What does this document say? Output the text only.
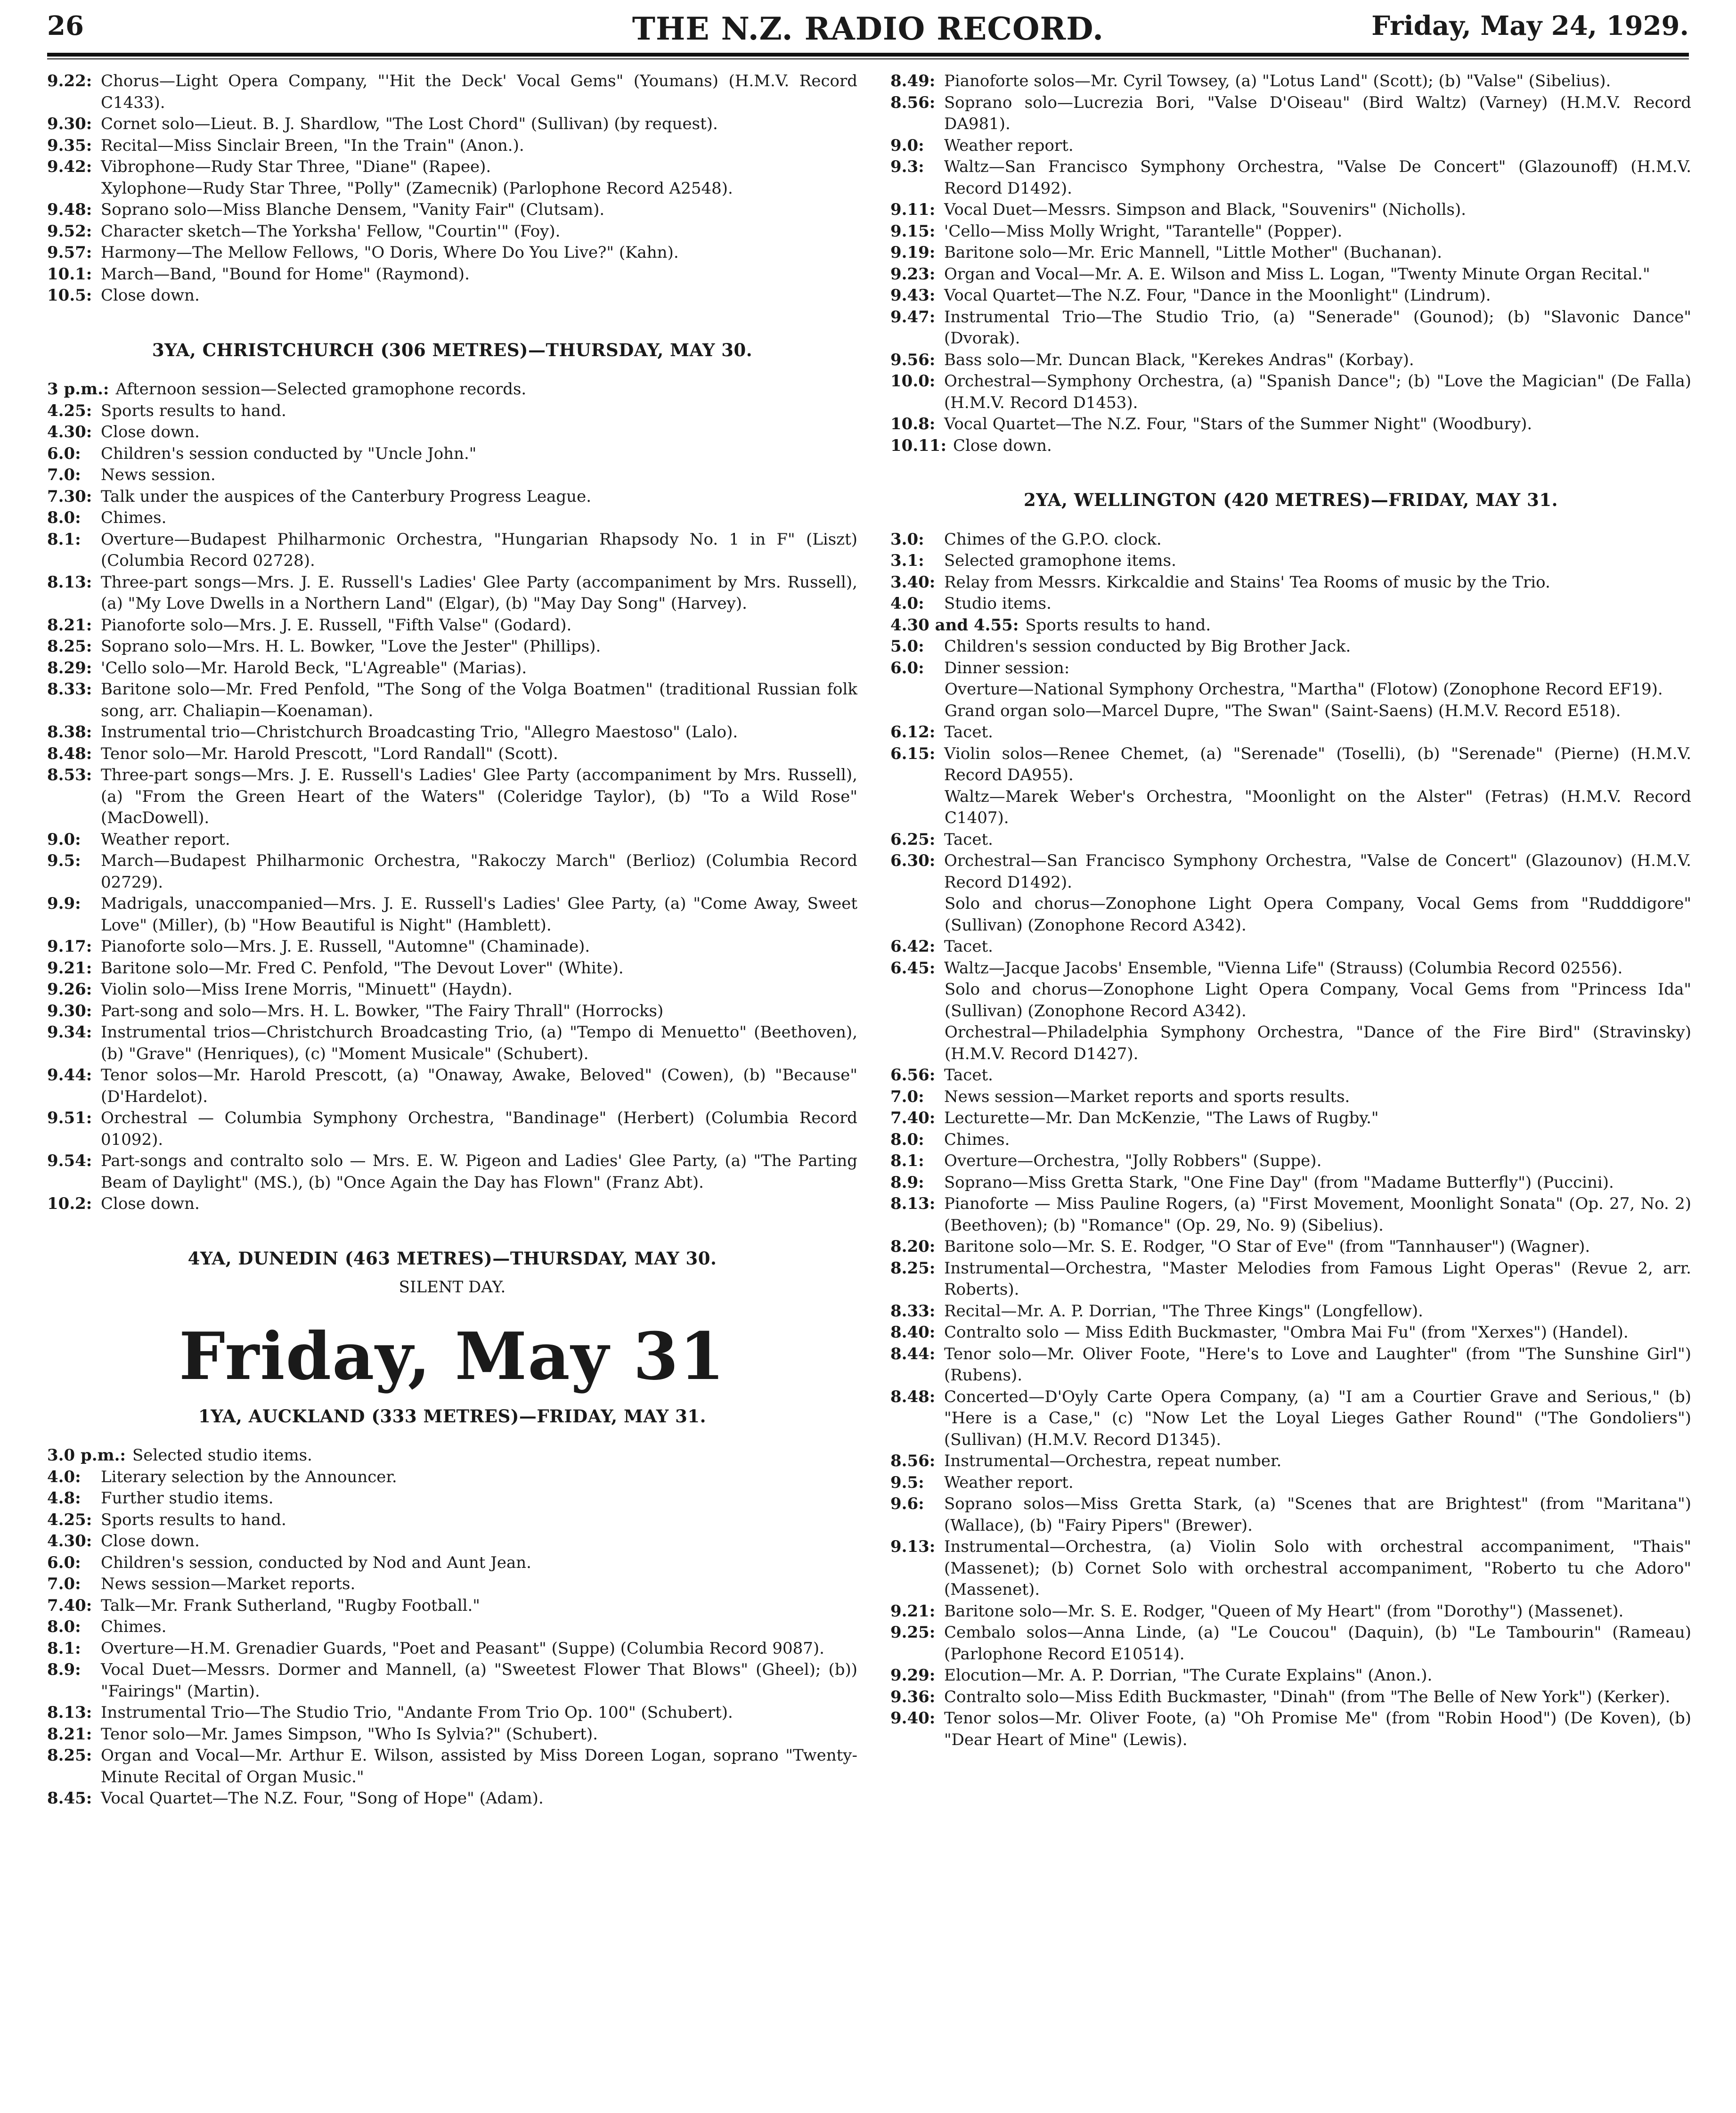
26	THE N.Z. RADIO RECORD.	Friday, May 24, 1929.
9.22: Chorus—Light Opera Company, "'Hit the Deck' Vocal Gems" (Youmans) (H.M.V. Record C1433).
9.30: Cornet solo—Lieut. B. J. Shardlow, "The Lost Chord" (Sullivan) (by request).
9.35: Recital—Miss Sinclair Breen, "In the Train" (Anon.).
9.42: Vibrophone—Rudy Star Three, "Diane" (Rapee).
Xylophone—Rudy Star Three, "Polly" (Zamecnik) (Parlophone Record A2548).
9.48: Soprano solo—Miss Blanche Densem, "Vanity Fair" (Clutsam).
9.52: Character sketch—The Yorksha' Fellow, "Courtin'" (Foy).
9.57: Harmony—The Mellow Fellows, "O Doris, Where Do You Live?" (Kahn).
10.1: March—Band, "Bound for Home" (Raymond).
10.5: Close down.
3YA, CHRISTCHURCH (306 METRES)—THURSDAY, MAY 30.
3 p.m.: Afternoon session—Selected gramophone records.
4.25: Sports results to hand.
4.30: Close down.
6.0:	Children's session conducted by "Uncle John."
7.0:	News session.
7.30: Talk under the auspices of the Canterbury Progress League.
8.0:	Chimes.
8.1:	Overture—Budapest Philharmonic Orchestra, "Hungarian Rhapsody No. 1 in F" (Liszt) (Columbia Record 02728).
8.13: Three-part songs—Mrs. J. E. Russell's Ladies' Glee Party (accompaniment by Mrs. Russell), (a) "My Love Dwells in a Northern Land" (Elgar), (b) "May Day Song" (Harvey).
8.21: Pianoforte solo—Mrs. J. E. Russell, "Fifth Valse" (Godard).
8.25: Soprano solo—Mrs. H. L. Bowker, "Love the Jester" (Phillips).
8.29: 'Cello solo—Mr. Harold Beck, "L'Agreable" (Marias).
8.33: Baritone solo—Mr. Fred Penfold, "The Song of the Volga Boatmen" (traditional Russian folk song, arr. Chaliapin—Koenaman).
8.38: Instrumental trio—Christchurch Broadcasting Trio, "Allegro Maestoso" (Lalo).
8.48: Tenor solo—Mr. Harold Prescott, "Lord Randall" (Scott).
8.53: Three-part songs—Mrs. J. E. Russell's Ladies' Glee Party (accompaniment by Mrs. Russell), (a) "From the Green Heart of the Waters" (Coleridge Taylor), (b) "To a Wild Rose" (MacDowell).
9.0:	Weather report.
9.5:	March—Budapest Philharmonic Orchestra, "Rakoczy March" (Berlioz) (Columbia Record 02729).
9.9:	Madrigals, unaccompanied—Mrs. J. E. Russell's Ladies' Glee Party, (a) "Come Away, Sweet Love" (Miller), (b) "How Beautiful is Night" (Hamblett).
9.17: Pianoforte solo—Mrs. J. E. Russell, "Automne" (Chaminade).
9.21: Baritone solo—Mr. Fred C. Penfold, "The Devout Lover" (White).
9.26: Violin solo—Miss Irene Morris, "Minuett" (Haydn).
9.30: Part-song and solo—Mrs. H. L. Bowker, "The Fairy Thrall" (Horrocks)
9.34: Instrumental trios—Christchurch Broadcasting Trio, (a) "Tempo di Menuetto" (Beethoven), (b) "Grave" (Henriques), (c) "Moment Musicale" (Schubert).
9.44: Tenor solos—Mr. Harold Prescott, (a) "Onaway, Awake, Beloved" (Cowen), (b) "Because" (D'Hardelot).
9.51: Orchestral — Columbia Symphony Orchestra, "Bandinage" (Herbert) (Columbia Record 01092).
9.54: Part-songs and contralto solo — Mrs. E. W. Pigeon and Ladies' Glee Party, (a) "The Parting Beam of Daylight" (MS.), (b) "Once Again the Day has Flown" (Franz Abt).
10.2: Close down.
4YA, DUNEDIN (463 METRES)—THURSDAY, MAY 30.
SILENT DAY.
Friday, May 31
1YA, AUCKLAND (333 METRES)—FRIDAY, MAY 31.
3.0 p.m.: Selected studio items.
4.0:	Literary selection by the Announcer.
4.8:	Further studio items.
4.25: Sports results to hand.
4.30: Close down.
6.0:	Children's session, conducted by Nod and Aunt Jean.
7.0:	News session—Market reports.
7.40: Talk—Mr. Frank Sutherland, "Rugby Football."
8.0:	Chimes.
8.1:	Overture—H.M. Grenadier Guards, "Poet and Peasant" (Suppe) (Columbia Record 9087).
8.9:	Vocal Duet—Messrs. Dormer and Mannell, (a) "Sweetest Flower That Blows" (Gheel); (b)) "Fairings" (Martin).
8.13: Instrumental Trio—The Studio Trio, "Andante From Trio Op. 100" (Schubert).
8.21: Tenor solo—Mr. James Simpson, "Who Is Sylvia?" (Schubert).
8.25: Organ and Vocal—Mr. Arthur E. Wilson, assisted by Miss Doreen Logan, soprano "Twenty-Minute Recital of Organ Music."
8.45: Vocal Quartet—The N.Z. Four, "Song of Hope" (Adam).
8.49: Pianoforte solos—Mr. Cyril Towsey, (a) "Lotus Land" (Scott); (b) "Valse" (Sibelius).
8.56: Soprano solo—Lucrezia Bori, "Valse D'Oiseau" (Bird Waltz) (Varney) (H.M.V. Record DA981).
9.0:	Weather report.
9.3:	Waltz—San Francisco Symphony Orchestra, "Valse De Concert" (Glazounoff) (H.M.V. Record D1492).
9.11: Vocal Duet—Messrs. Simpson and Black, "Souvenirs" (Nicholls).
9.15: 'Cello—Miss Molly Wright, "Tarantelle" (Popper).
9.19: Baritone solo—Mr. Eric Mannell, "Little Mother" (Buchanan).
9.23: Organ and Vocal—Mr. A. E. Wilson and Miss L. Logan, "Twenty Minute Organ Recital."
9.43: Vocal Quartet—The N.Z. Four, "Dance in the Moonlight" (Lindrum).
9.47: Instrumental Trio—The Studio Trio, (a) "Senerade" (Gounod); (b) "Slavonic Dance" (Dvorak).
9.56: Bass solo—Mr. Duncan Black, "Kerekes Andras" (Korbay).
10.0: Orchestral—Symphony Orchestra, (a) "Spanish Dance"; (b) "Love the Magician" (De Falla) (H.M.V. Record D1453).
10.8: Vocal Quartet—The N.Z. Four, "Stars of the Summer Night" (Woodbury).
10.11: Close down.
2YA, WELLINGTON (420 METRES)—FRIDAY, MAY 31.
3.0:	Chimes of the G.P.O. clock.
3.1:	Selected gramophone items.
3.40: Relay from Messrs. Kirkcaldie and Stains' Tea Rooms of music by the Trio.
4.0:	Studio items.
4.30 and 4.55: Sports results to hand.
5.0:	Children's session conducted by Big Brother Jack.
6.0:	Dinner session:
Overture—National Symphony Orchestra, "Martha" (Flotow) (Zonophone Record EF19).
Grand organ solo—Marcel Dupre, "The Swan" (Saint-Saens) (H.M.V. Record E518).
6.12: Tacet.
6.15: Violin solos—Renee Chemet, (a) "Serenade" (Toselli), (b) "Serenade" (Pierne) (H.M.V. Record DA955).
Waltz—Marek Weber's Orchestra, "Moonlight on the Alster" (Fetras) (H.M.V. Record C1407).
6.25: Tacet.
6.30: Orchestral—San Francisco Symphony Orchestra, "Valse de Concert" (Glazounov) (H.M.V. Record D1492).
Solo and chorus—Zonophone Light Opera Company, Vocal Gems from "Rudddigore" (Sullivan) (Zonophone Record A342).
6.42: Tacet.
6.45: Waltz—Jacque Jacobs' Ensemble, "Vienna Life" (Strauss) (Columbia Record 02556).
Solo and chorus—Zonophone Light Opera Company, Vocal Gems from "Princess Ida" (Sullivan) (Zonophone Record A342).
Orchestral—Philadelphia Symphony Orchestra, "Dance of the Fire Bird" (Stravinsky) (H.M.V. Record D1427).
6.56: Tacet.
7.0:	News session—Market reports and sports results.
7.40: Lecturette—Mr. Dan McKenzie, "The Laws of Rugby."
8.0:	Chimes.
8.1:	Overture—Orchestra, "Jolly Robbers" (Suppe).
8.9:	Soprano—Miss Gretta Stark, "One Fine Day" (from "Madame Butterfly") (Puccini).
8.13: Pianoforte — Miss Pauline Rogers, (a) "First Movement, Moonlight Sonata" (Op. 27, No. 2) (Beethoven); (b) "Romance" (Op. 29, No. 9) (Sibelius).
8.20: Baritone solo—Mr. S. E. Rodger, "O Star of Eve" (from "Tannhauser") (Wagner).
8.25: Instrumental—Orchestra, "Master Melodies from Famous Light Operas" (Revue 2, arr. Roberts).
8.33: Recital—Mr. A. P. Dorrian, "The Three Kings" (Longfellow).
8.40: Contralto solo — Miss Edith Buckmaster, "Ombra Mai Fu" (from "Xerxes") (Handel).
8.44: Tenor solo—Mr. Oliver Foote, "Here's to Love and Laughter" (from "The Sunshine Girl") (Rubens).
8.48: Concerted—D'Oyly Carte Opera Company, (a) "I am a Courtier Grave and Serious," (b) "Here is a Case," (c) "Now Let the Loyal Lieges Gather Round" ("The Gondoliers") (Sullivan) (H.M.V. Record D1345).
8.56: Instrumental—Orchestra, repeat number.
9.5:	Weather report.
9.6:	Soprano solos—Miss Gretta Stark, (a) "Scenes that are Brightest" (from "Maritana") (Wallace), (b) "Fairy Pipers" (Brewer).
9.13: Instrumental—Orchestra, (a) Violin Solo with orchestral accompaniment, "Thais" (Massenet); (b) Cornet Solo with orchestral accompaniment, "Roberto tu che Adoro" (Massenet).
9.21: Baritone solo—Mr. S. E. Rodger, "Queen of My Heart" (from "Dorothy") (Massenet).
9.25: Cembalo solos—Anna Linde, (a) "Le Coucou" (Daquin), (b) "Le Tambourin" (Rameau) (Parlophone Record E10514).
9.29: Elocution—Mr. A. P. Dorrian, "The Curate Explains" (Anon.).
9.36: Contralto solo—Miss Edith Buckmaster, "Dinah" (from "The Belle of New York") (Kerker).
9.40: Tenor solos—Mr. Oliver Foote, (a) "Oh Promise Me" (from "Robin Hood") (De Koven), (b) "Dear Heart of Mine" (Lewis).
